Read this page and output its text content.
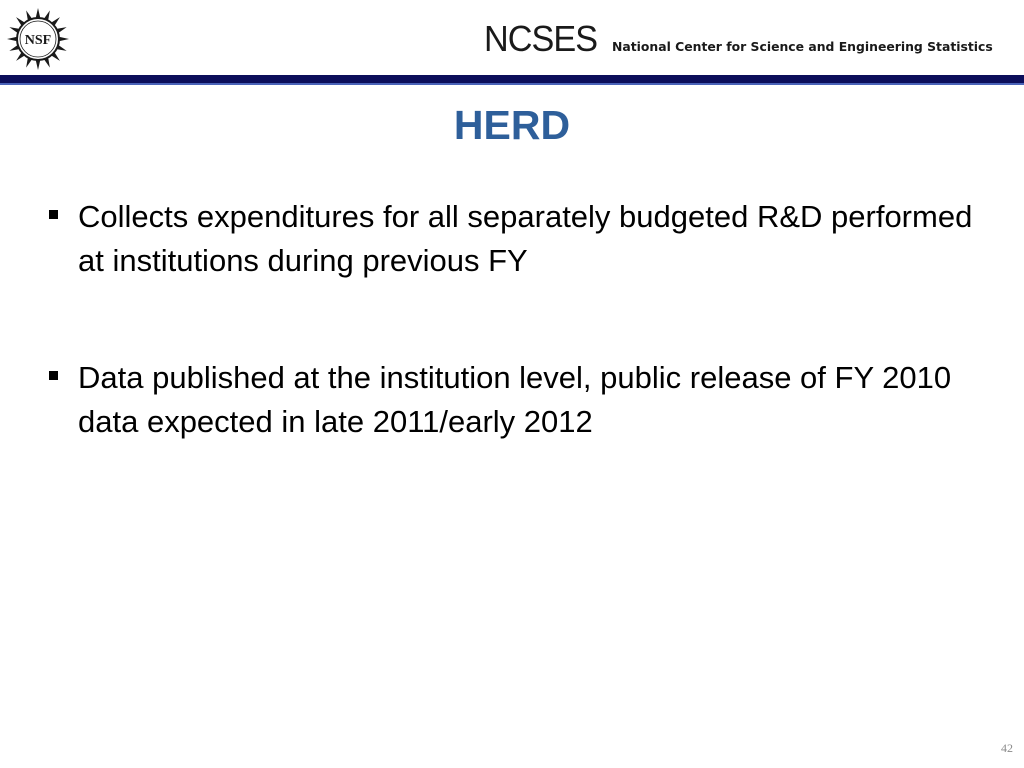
NSF	NCSES National Center for Science and Engineering Statistics
HERD
Collects expenditures for all separately budgeted R&D performed at institutions during previous FY
Data published at the institution level, public release of FY 2010 data expected in late 2011/early 2012
42
